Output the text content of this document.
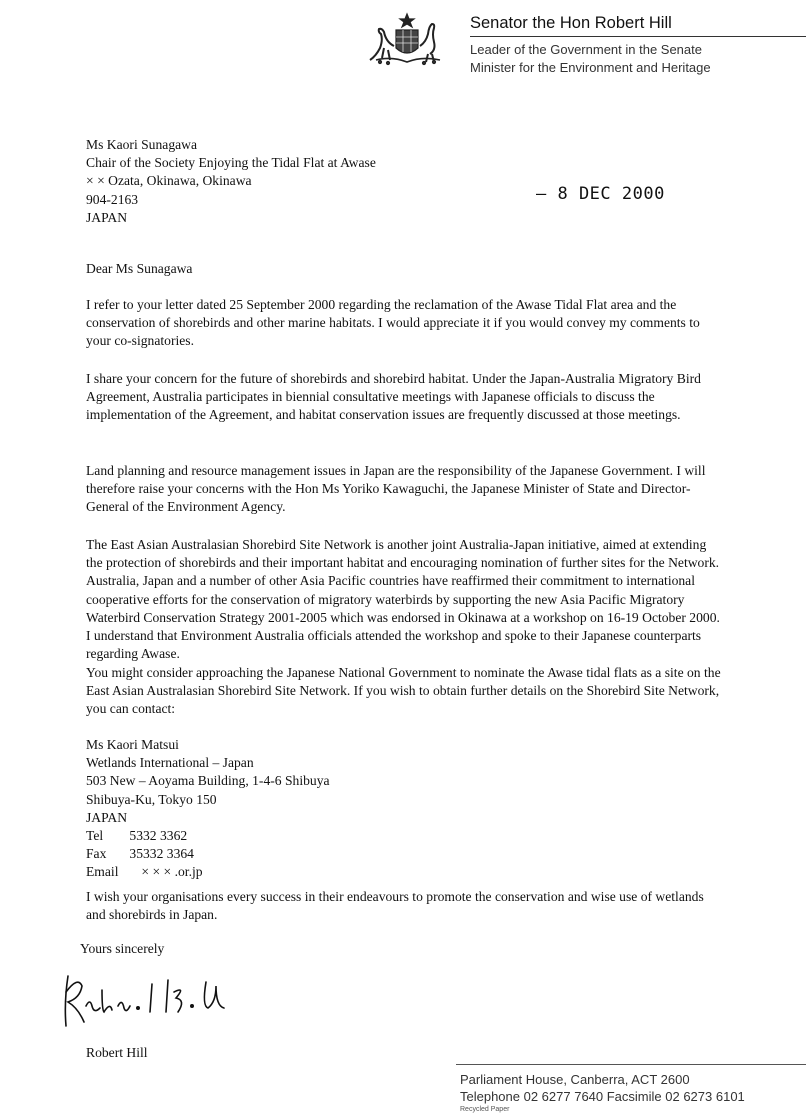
Senator the Hon Robert Hill
Leader of the Government in the Senate
Minister for the Environment and Heritage
Ms Kaori Sunagawa
Chair of the Society Enjoying the Tidal Flat at Awase
× × Ozata, Okinawa, Okinawa
904-2163
JAPAN
– 8 DEC 2000
Dear Ms Sunagawa

I refer to your letter dated 25 September 2000 regarding the reclamation of the Awase Tidal Flat area and the conservation of shorebirds and other marine habitats. I would appreciate it if you would convey my comments to your co-signatories.

I share your concern for the future of shorebirds and shorebird habitat. Under the Japan-Australia Migratory Bird Agreement, Australia participates in biennial consultative meetings with Japanese officials to discuss the implementation of the Agreement, and habitat conservation issues are frequently discussed at those meetings.

Land planning and resource management issues in Japan are the responsibility of the Japanese Government. I will therefore raise your concerns with the Hon Ms Yoriko Kawaguchi, the Japanese Minister of State and Director-General of the Environment Agency.

The East Asian Australasian Shorebird Site Network is another joint Australia-Japan initiative, aimed at extending the protection of shorebirds and their important habitat and encouraging nomination of further sites for the Network. Australia, Japan and a number of other Asia Pacific countries have reaffirmed their commitment to international cooperative efforts for the conservation of migratory waterbirds by supporting the new Asia Pacific Migratory Waterbird Conservation Strategy 2001-2005 which was endorsed in Okinawa at a workshop on 16-19 October 2000. I understand that Environment Australia officials attended the workshop and spoke to their Japanese counterparts regarding Awase.

You might consider approaching the Japanese National Government to nominate the Awase tidal flats as a site on the East Asian Australasian Shorebird Site Network. If you wish to obtain further details on the Shorebird Site Network, you can contact:

Ms Kaori Matsui
Wetlands International – Japan
503 New – Aoyama Building, 1-4-6 Shibuya
Shibuya-Ku, Tokyo 150
JAPAN
Tel 5332 3362
Fax 35332 3364
Email × × × .or.jp

I wish your organisations every success in their endeavours to promote the conservation and wise use of wetlands and shorebirds in Japan.

Yours sincerely
Robert Hill
Parliament House, Canberra, ACT 2600
Telephone 02 6277 7640 Facsimile 02 6273 6101
Recycled Paper
